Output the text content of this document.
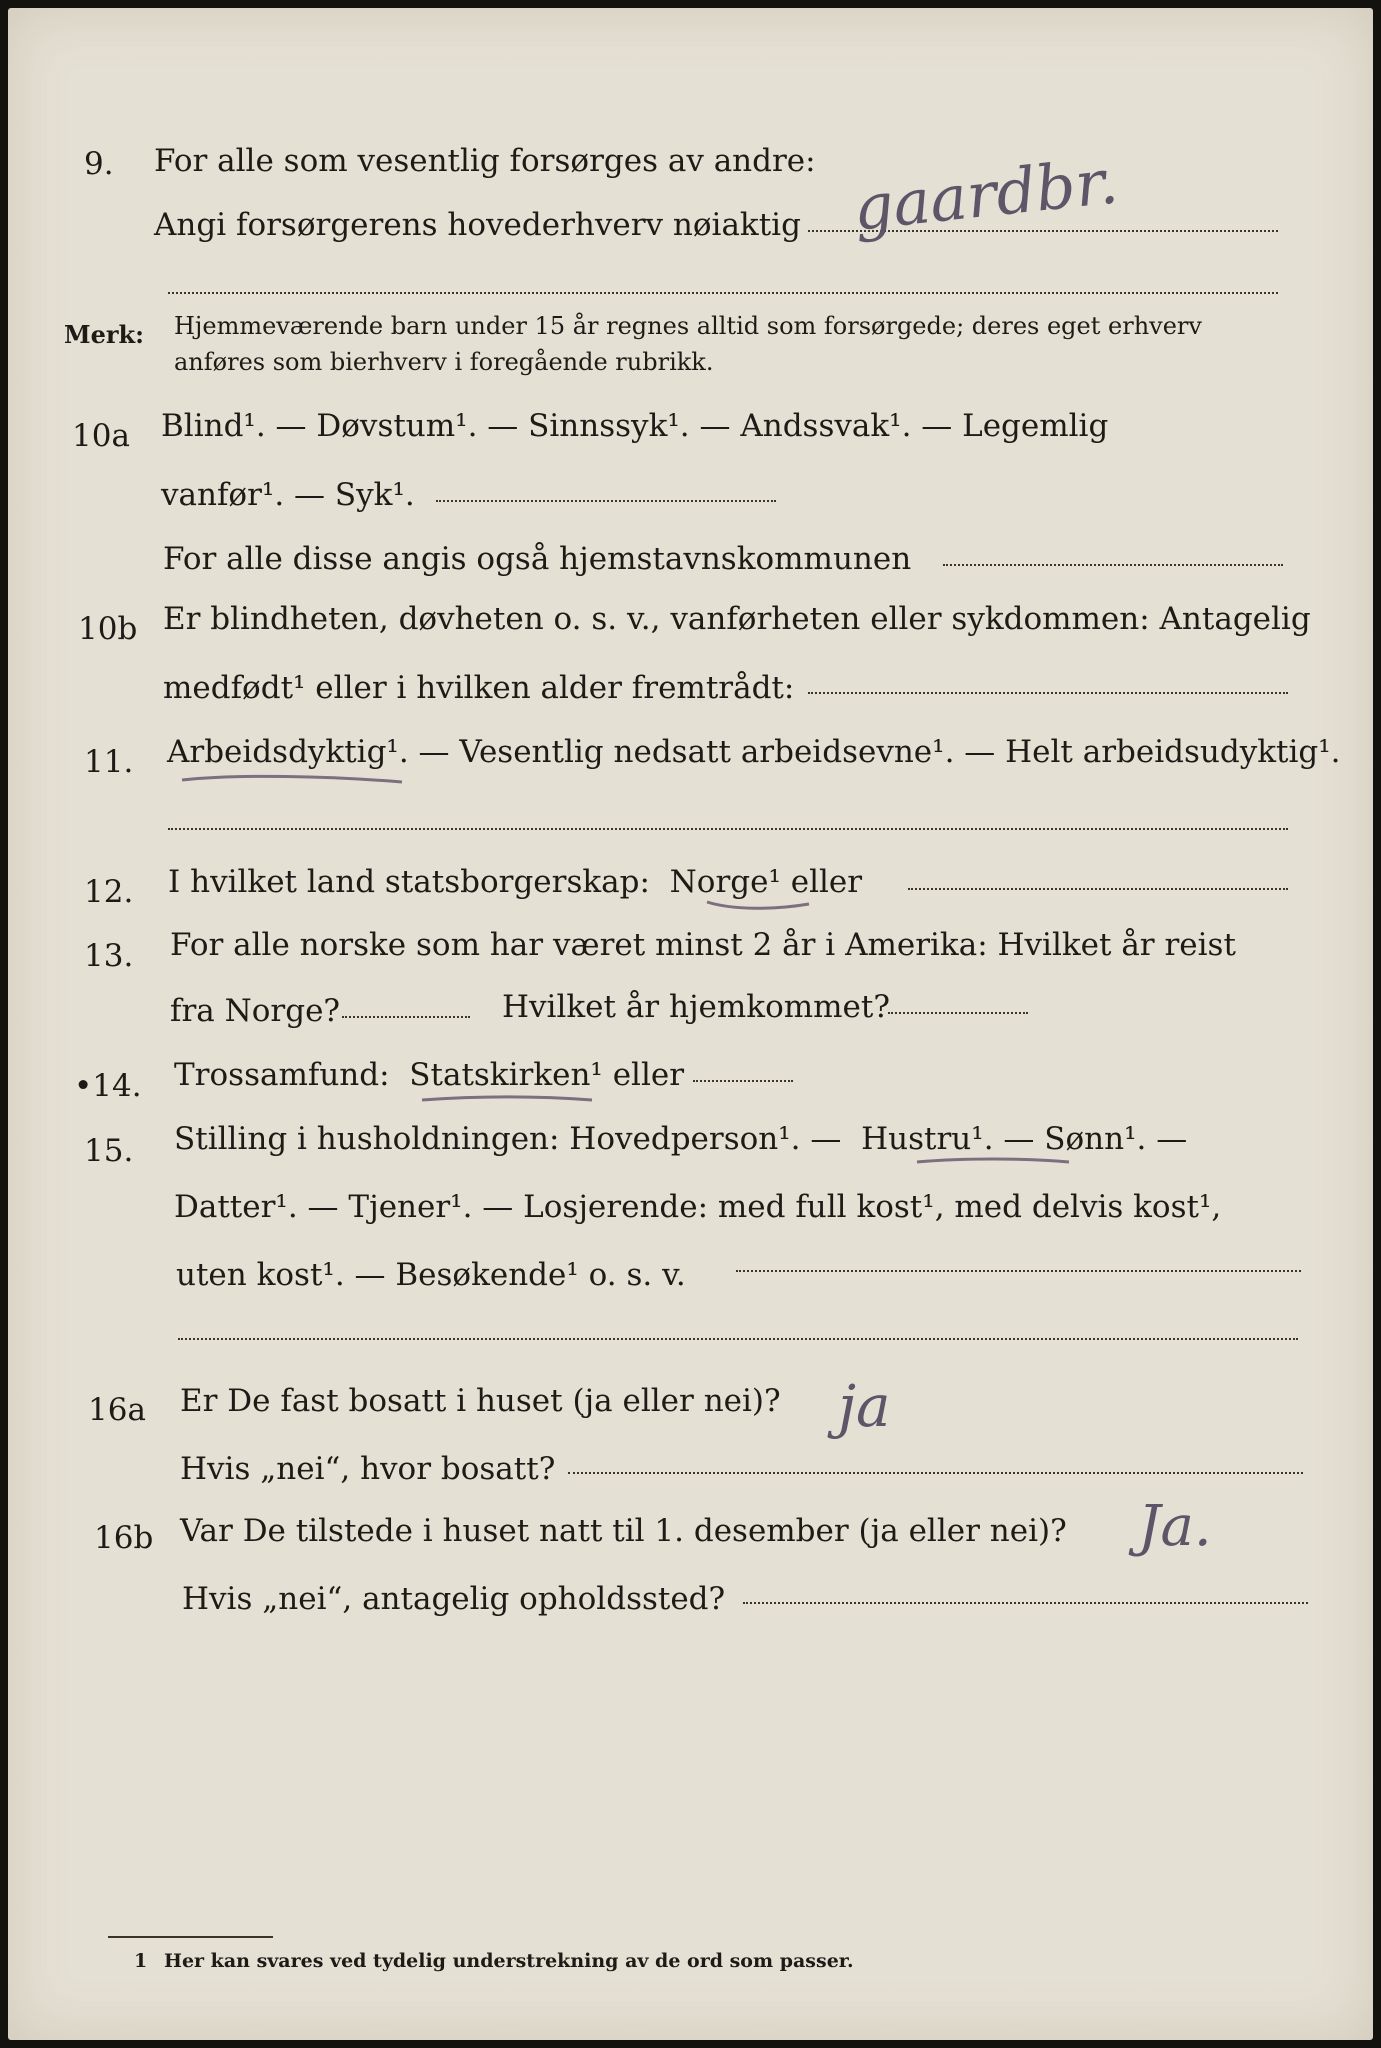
9. For alle som vesentlig forsørges av andre:
Angi forsørgerens hovederhverv nøiaktig gaardbr.
Merk: Hjemmeværende barn under 15 år regnes alltid som forsørgede; deres eget erhverv
anføres som bierhverv i foregående rubrikk.
10a Blind¹. — Døvstum¹. — Sinnssyk¹. — Andssvak¹. — Legemlig
vanfør¹. — Syk¹.
For alle disse angis også hjemstavnskommunen
10b Er blindheten, døvheten o. s. v., vanførheten eller sykdommen: Antagelig
medfødt¹ eller i hvilken alder fremtrådt:
11. Arbeidsdyktig¹. — Vesentlig nedsatt arbeidsevne¹. — Helt arbeidsudyktig¹.
12. I hvilket land statsborgerskap: Norge¹ eller
13. For alle norske som har været minst 2 år i Amerika: Hvilket år reist
fra Norge?	Hvilket år hjemkommet?
•14. Trossamfund: Statskirken¹ eller
15. Stilling i husholdningen: Hovedperson¹. — Hustru¹. — Sønn¹. —
Datter¹. — Tjener¹. — Losjerende: med full kost¹, med delvis kost¹,
uten kost¹. — Besøkende¹ o. s. v.
16a Er De fast bosatt i huset (ja eller nei)? ja
Hvis „nei“, hvor bosatt?
16b Var De tilstede i huset natt til 1. desember (ja eller nei)? Ja.
Hvis „nei“, antagelig opholdssted?
1 Her kan svares ved tydelig understrekning av de ord som passer.
